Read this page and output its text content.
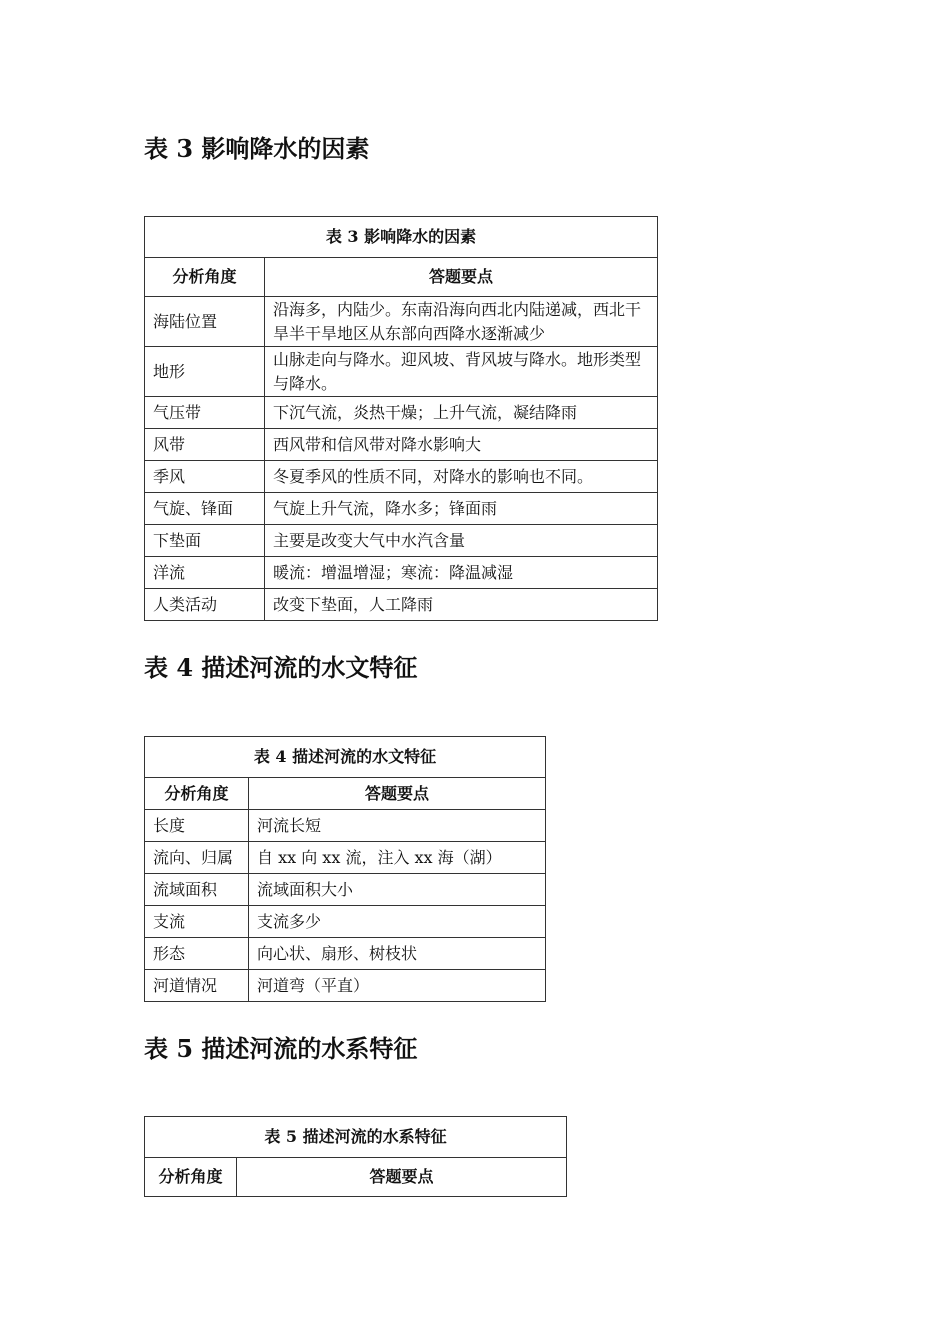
表 3 影响降水的因素
表 3 影响降水的因素	
分析角度	答题要点
海陆位置	沿海多，内陆少。东南沿海向西北内陆递减，西北干旱半干旱地区从东部向西降水逐渐减少
地形	山脉走向与降水。迎风坡、背风坡与降水。地形类型与降水。
气压带	下沉气流，炎热干燥；上升气流，凝结降雨
风带	西风带和信风带对降水影响大
季风	冬夏季风的性质不同，对降水的影响也不同。
气旋、锋面	气旋上升气流，降水多；锋面雨
下垫面	主要是改变大气中水汽含量
洋流	暖流：增温增湿；寒流：降温减湿
人类活动	改变下垫面，人工降雨
表 4 描述河流的水文特征
表 4 描述河流的水文特征	
分析角度	答题要点
长度	河流长短
流向、归属	自 xx 向 xx 流，注入 xx 海（湖）
流域面积	流域面积大小
支流	支流多少
形态	向心状、扇形、树枝状
河道情况	河道弯（平直）
表 5 描述河流的水系特征
表 5 描述河流的水系特征
分析角度	答题要点
